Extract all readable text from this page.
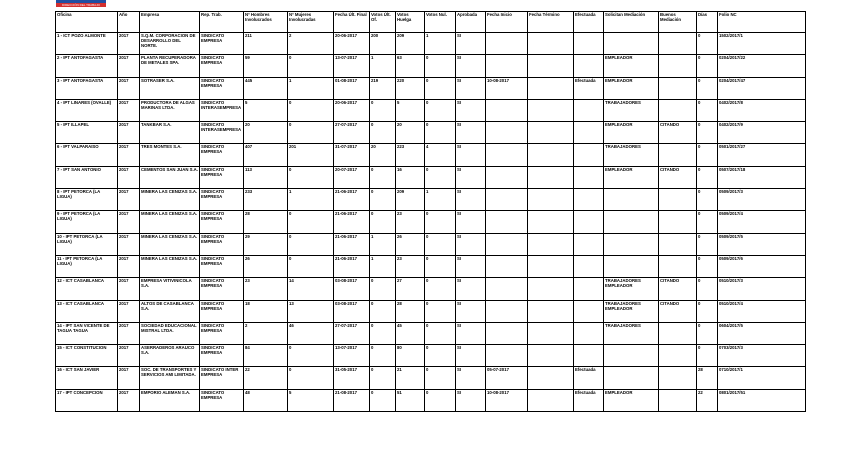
DIRECCIÓN DEL TRABAJO
Oficina	Año	Empresa	Rep. Trab.	Nº Hombres Involucrados	Nº Mujeres Involucradas	Fecha Últ. Final	Votos Últ. Of.	Votos Huelga	Votos Nul.	Aprobada	Fecha Inicio	Fecha Término	Efectuada	Solicitan Mediación	Buenos Mediación	Días	Folio NC
1 - ICT POZO ALMONTE	2017	S.Q.M. CORPORACION DE DESARROLLO DEL NORTE.	SINDICATO EMPRESA	211	2	20-06-2017	200	209	1	SI						0	1502/2017/1
2 - IPT ANTOFAGASTA	2017	PLANTA RECUPERADORA DE METALES SPA.	SINDICATO EMPRESA	59	0	13-07-2017	1	63	0	SI				EMPLEADOR		0	0204/2017/22
3 - IPT ANTOFAGASTA	2017	SOTRASER S.A.	SINDICATO EMPRESA	445	1	01-08-2017	219	220	0	SI	10-08-2017		Efectuada	EMPLEADOR		0	0204/2017/47
4 - IPT LINARES (OVALLE)	2017	PRODUCTORA DE ALGAS MARINAS LTDA.	SINDICATO INTERASEMPRESA	5	0	20-06-2017	0	5	0	SI				TRABAJADORES		0	0402/2017/8
5 - IPT ILLAPEL	2017	TANKBAR S.A.	SINDICATO INTERASEMPRESA	20	0	27-07-2017	0	20	0	SI				EMPLEADOR	CITANDO	0	0402/2017/9
6 - IPT VALPARAISO	2017	TRES MONTES S.A.	SINDICATO EMPRESA	407	201	31-07-2017	20	223	4	SI				TRABAJADORES		0	0501/2017/27
7 - IPT SAN ANTONIO	2017	CEMENTOS SAN JUAN S.A.	SINDICATO EMPRESA	113	0	20-07-2017	0	16	0	SI				EMPLEADOR	CITANDO	0	0507/2017/18
8 - IPT PETORCA (LA LIGUA)	2017	MINERA LAS CENIZAS S.A.	SINDICATO EMPRESA	233	1	21-06-2017	0	209	1	SI						0	0509/2017/3
9 - IPT PETORCA (LA LIGUA)	2017	MINERA LAS CENIZAS S.A.	SINDICATO EMPRESA	28	0	21-06-2017	0	23	0	SI						0	0509/2017/4
10 - IPT PETORCA (LA LIGUA)	2017	MINERA LAS CENIZAS S.A.	SINDICATO EMPRESA	29	0	21-06-2017	1	26	0	SI						0	0509/2017/5
11 - IPT PETORCA (LA LIGUA)	2017	MINERA LAS CENIZAS S.A.	SINDICATO EMPRESA	26	0	21-06-2017	1	23	0	SI						0	0509/2017/6
12 - ICT CASABLANCA	2017	EMPRESA VITIVINICOLA S.A.	SINDICATO EMPRESA	23	14	03-08-2017	0	27	0	SI				TRABAJADORES EMPLEADOR	CITANDO	0	0510/2017/3
13 - ICT CASABLANCA	2017	ALTOS DE CASABLANCA S.A.	SINDICATO EMPRESA	18	13	03-08-2017	0	28	0	SI				TRABAJADORES EMPLEADOR	CITANDO	0	0510/2017/4
14 - IPT SAN VICENTE DE TAGUA TAGUA	2017	SOCIEDAD EDUCACIONAL MISTRAL LTDA.	SINDICATO EMPRESA	2	46	27-07-2017	0	45	0	SI				TRABAJADORES		0	0604/2017/5
15 - ICT CONSTITUCION	2017	ASERRADEROS ARAUCO S.A.	SINDICATO EMPRESA	84	0	13-07-2017	0	80	0	SI						0	0703/2017/3
16 - ICT SAN JAVIER	2017	SOC. DE TRANSPORTES Y SERVICIOS AMI LIMITADA.	SINDICATO INTER EMPRESA	22	0	31-05-2017	0	21	0	SI	05-07-2017		Efectuada			28	0710/2017/1
17 - IPT CONCEPCION	2017	EMPORIO ALEMAN S.A.	SINDICATO EMPRESA	48	5	21-08-2017	0	51	0	SI	10-08-2017		Efectuada	EMPLEADOR		22	0801/2017/51
